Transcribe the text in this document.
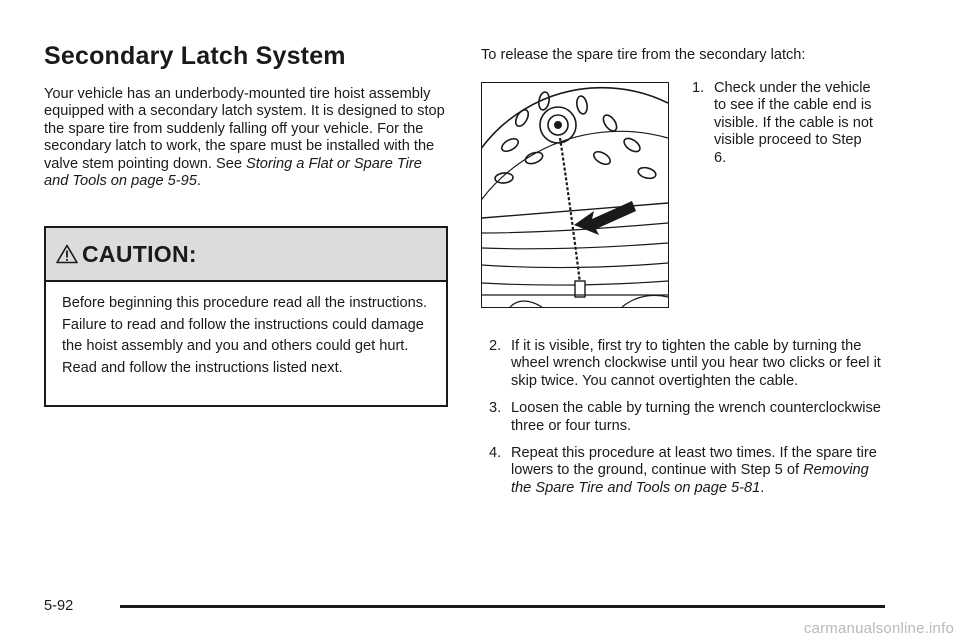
Secondary Latch System

Your vehicle has an underbody-mounted tire hoist assembly equipped with a secondary latch system. It is designed to stop the spare tire from suddenly falling off your vehicle. For the secondary latch to work, the spare must be installed with the valve stem pointing down. See Storing a Flat or Spare Tire and Tools on page 5-95.

CAUTION:

Before beginning this procedure read all the instructions. Failure to read and follow the instructions could damage the hoist assembly and you and others could get hurt. Read and follow the instructions listed next.

To release the spare tire from the secondary latch:

1. Check under the vehicle to see if the cable end is visible. If the cable is not visible proceed to Step 6.
2. If it is visible, first try to tighten the cable by turning the wheel wrench clockwise until you hear two clicks or feel it skip twice. You cannot overtighten the cable.
3. Loosen the cable by turning the wrench counterclockwise three or four turns.
4. Repeat this procedure at least two times. If the spare tire lowers to the ground, continue with Step 5 of Removing the Spare Tire and Tools on page 5-81.
5-92
carmanualsonline.info
